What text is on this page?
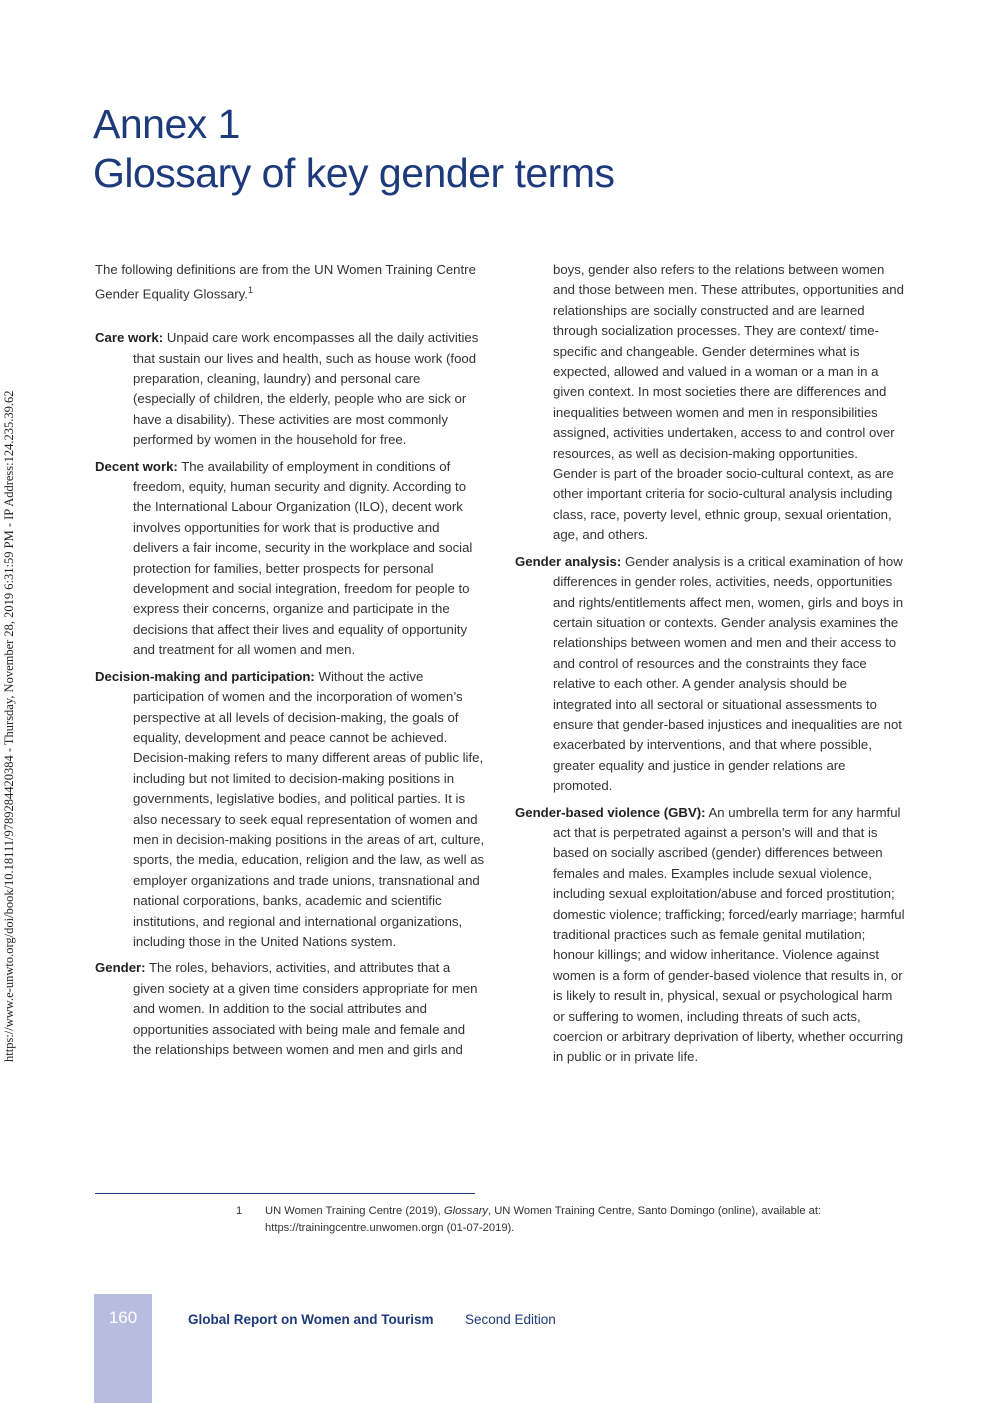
https://www.e-unwto.org/doi/book/10.18111/9789284420384 - Thursday, November 28, 2019 6:31:59 PM - IP Address:124.235.39.62
Annex 1
Glossary of key gender terms

The following definitions are from the UN Women Training Centre Gender Equality Glossary.$^1$

Care work: Unpaid care work encompasses all the daily activities that sustain our lives and health, such as house work (food preparation, cleaning, laundry) and personal care (especially of children, the elderly, people who are sick or have a disability). These activities are most commonly performed by women in the household for free.

Decent work: The availability of employment in conditions of freedom, equity, human security and dignity. According to the International Labour Organization (ILO), decent work involves opportunities for work that is productive and delivers a fair income, security in the workplace and social protection for families, better prospects for personal development and social integration, freedom for people to express their concerns, organize and participate in the decisions that affect their lives and equality of opportunity and treatment for all women and men.

Decision-making and participation: Without the active participation of women and the incorporation of women’s perspective at all levels of decision-making, the goals of equality, development and peace cannot be achieved. Decision-making refers to many different areas of public life, including but not limited to decision-making positions in governments, legislative bodies, and political parties. It is also necessary to seek equal representation of women and men in decision-making positions in the areas of art, culture, sports, the media, education, religion and the law, as well as employer organizations and trade unions, transnational and national corporations, banks, academic and scientific institutions, and regional and international organizations, including those in the United Nations system.

Gender: The roles, behaviors, activities, and attributes that a given society at a given time considers appropriate for men and women. In addition to the social attributes and opportunities associated with being male and female and the relationships between women and men and girls and

boys, gender also refers to the relations between women and those between men. These attributes, opportunities and relationships are socially constructed and are learned through socialization processes. They are context/ time-specific and changeable. Gender determines what is expected, allowed and valued in a woman or a man in a given context. In most societies there are differences and inequalities between women and men in responsibilities assigned, activities undertaken, access to and control over resources, as well as decision-making opportunities. Gender is part of the broader socio-cultural context, as are other important criteria for socio-cultural analysis including class, race, poverty level, ethnic group, sexual orientation, age, and others.

Gender analysis: Gender analysis is a critical examination of how differences in gender roles, activities, needs, opportunities and rights/entitlements affect men, women, girls and boys in certain situation or contexts. Gender analysis examines the relationships between women and men and their access to and control of resources and the constraints they face relative to each other. A gender analysis should be integrated into all sectoral or situational assessments to ensure that gender-based injustices and inequalities are not exacerbated by interventions, and that where possible, greater equality and justice in gender relations are promoted.

Gender-based violence (GBV): An umbrella term for any harmful act that is perpetrated against a person’s will and that is based on socially ascribed (gender) differences between females and males. Examples include sexual violence, including sexual exploitation/abuse and forced prostitution; domestic violence; trafficking; forced/early marriage; harmful traditional practices such as female genital mutilation; honour killings; and widow inheritance. Violence against women is a form of gender-based violence that results in, or is likely to result in, physical, sexual or psychological harm or suffering to women, including threats of such acts, coercion or arbitrary deprivation of liberty, whether occurring in public or in private life.

1 UN Women Training Centre (2019), Glossary, UN Women Training Centre, Santo Domingo (online), available at: https://trainingcentre.unwomen.orgn (01-07-2019).
160	Global Report on Women and Tourism Second Edition
